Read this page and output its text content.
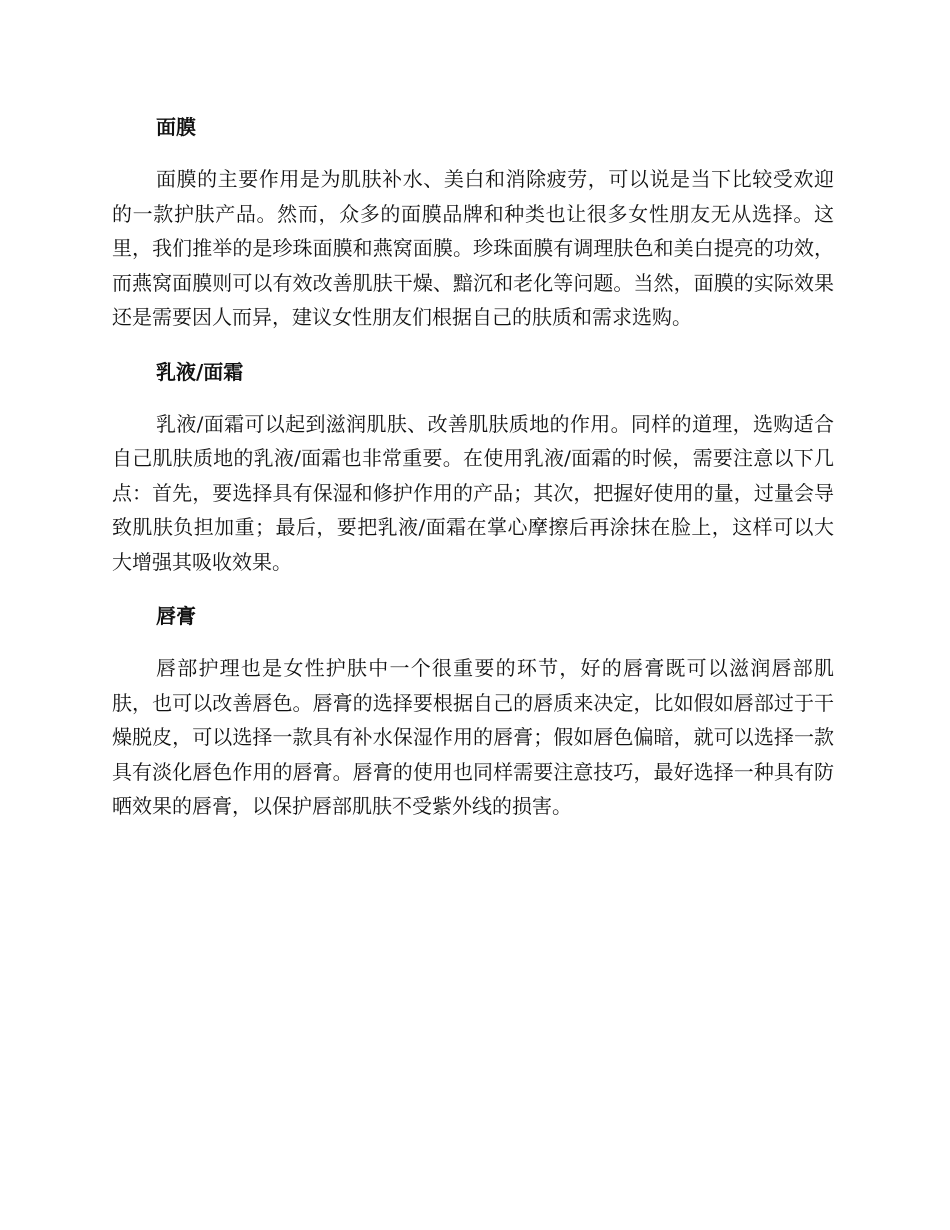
面膜

面膜的主要作用是为肌肤补水、美白和消除疲劳，可以说是当下比较受欢迎的一款护肤产品。然而，众多的面膜品牌和种类也让很多女性朋友无从选择。这里，我们推举的是珍珠面膜和燕窝面膜。珍珠面膜有调理肤色和美白提亮的功效，而燕窝面膜则可以有效改善肌肤干燥、黯沉和老化等问题。当然，面膜的实际效果还是需要因人而异，建议女性朋友们根据自己的肤质和需求选购。

乳液/面霜

乳液/面霜可以起到滋润肌肤、改善肌肤质地的作用。同样的道理，选购适合自己肌肤质地的乳液/面霜也非常重要。在使用乳液/面霜的时候，需要注意以下几点：首先，要选择具有保湿和修护作用的产品；其次，把握好使用的量，过量会导致肌肤负担加重；最后，要把乳液/面霜在掌心摩擦后再涂抹在脸上，这样可以大大增强其吸收效果。

唇膏

唇部护理也是女性护肤中一个很重要的环节，好的唇膏既可以滋润唇部肌肤，也可以改善唇色。唇膏的选择要根据自己的唇质来决定，比如假如唇部过于干燥脱皮，可以选择一款具有补水保湿作用的唇膏；假如唇色偏暗，就可以选择一款具有淡化唇色作用的唇膏。唇膏的使用也同样需要注意技巧，最好选择一种具有防晒效果的唇膏，以保护唇部肌肤不受紫外线的损害。
